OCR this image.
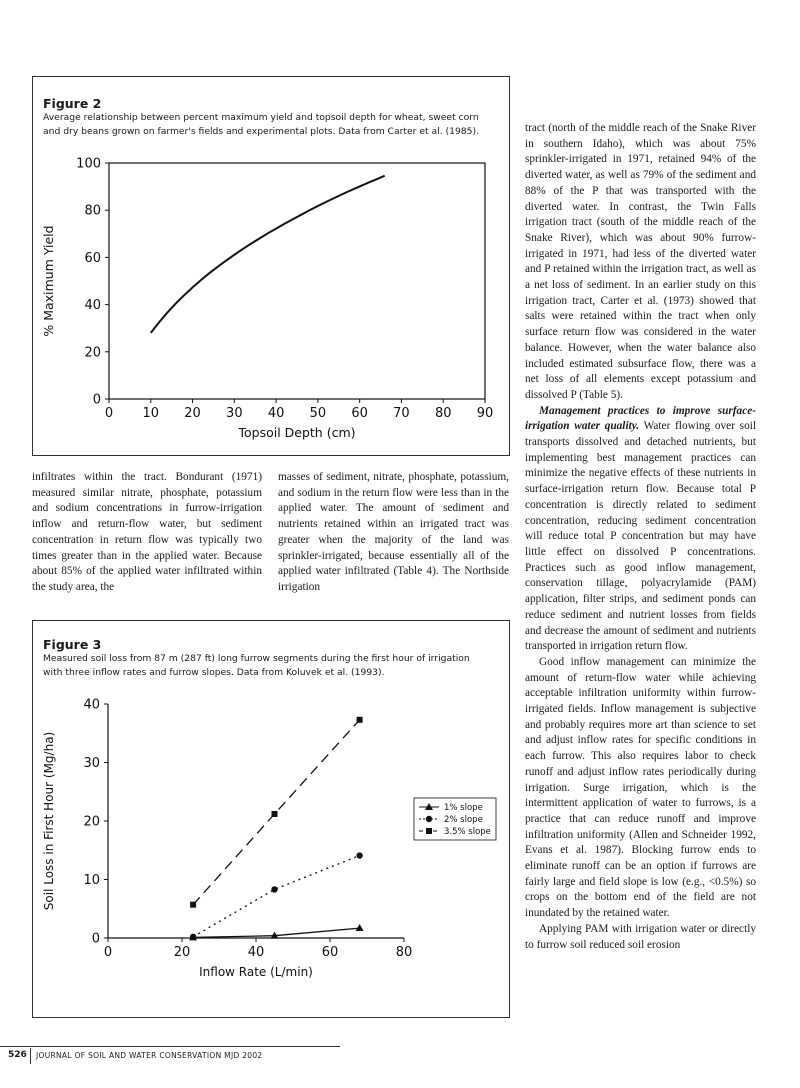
Figure 2
Average relationship between percent maximum yield and topsoil depth for wheat, sweet corn
and dry beans grown on farmer's fields and experimental plots. Data from Carter et al. (1985).
0 10 20 30 40 50 60 70 80 90
0
20
40
60
80
100
Topsoil Depth (cm)
% Maximum Yield
Figure 3
Measured soil loss from 87 m (287 ft) long furrow segments during the first hour of irrigation
with three inflow rates and furrow slopes. Data from Koluvek et al. (1993).
0	20	40	60	80
0
10
20
30
40
Inflow Rate (L/min)
Soil Loss in First Hour (Mg/ha)	1% slope
2% slope
3.5% slope

infiltrates within the tract. Bondurant (1971) measured similar nitrate, phosphate, potassium and sodium concentrations in furrow-irrigation inflow and return-flow water, but sediment concentration in return flow was typically two times greater than in the applied water. Because about 85% of the applied water infiltrated within the study area, the

masses of sediment, nitrate, phosphate, potassium, and sodium in the return flow were less than in the applied water. The amount of sediment and nutrients retained within an irrigated tract was greater when the majority of the land was sprinkler-irrigated, because essentially all of the applied water infiltrated (Table 4). The Northside irrigation

tract (north of the middle reach of the Snake River in southern Idaho), which was about 75% sprinkler-irrigated in 1971, retained 94% of the diverted water, as well as 79% of the sediment and 88% of the P that was transported with the diverted water. In contrast, the Twin Falls irrigation tract (south of the middle reach of the Snake River), which was about 90% furrow-irrigated in 1971, had less of the diverted water and P retained within the irrigation tract, as well as a net loss of sediment. In an earlier study on this irrigation tract, Carter et al. (1973) showed that salts were retained within the tract when only surface return flow was considered in the water balance. However, when the water balance also included estimated subsurface flow, there was a net loss of all elements except potassium and dissolved P (Table 5).

Management practices to improve surface-irrigation water quality. Water flowing over soil transports dissolved and detached nutrients, but implementing best management practices can minimize the negative effects of these nutrients in surface-irrigation return flow. Because total P concentration is directly related to sediment concentration, reducing sediment concentration will reduce total P concentration but may have little effect on dissolved P concentrations. Practices such as good inflow management, conservation tillage, polyacrylamide (PAM) application, filter strips, and sediment ponds can reduce sediment and nutrient losses from fields and decrease the amount of sediment and nutrients transported in irrigation return flow.

Good inflow management can minimize the amount of return-flow water while achieving acceptable infiltration uniformity within furrow-irrigated fields. Inflow management is subjective and probably requires more art than science to set and adjust inflow rates for specific conditions in each furrow. This also requires labor to check runoff and adjust inflow rates periodically during irrigation. Surge irrigation, which is the intermittent application of water to furrows, is a practice that can reduce runoff and improve infiltration uniformity (Allen and Schneider 1992, Evans et al. 1987). Blocking furrow ends to eliminate runoff can be an option if furrows are fairly large and field slope is low (e.g., <0.5%) so crops on the bottom end of the field are not inundated by the retained water.

Applying PAM with irrigation water or directly to furrow soil reduced soil erosion

526 JOURNAL OF SOIL AND WATER CONSERVATION MJD 2002
